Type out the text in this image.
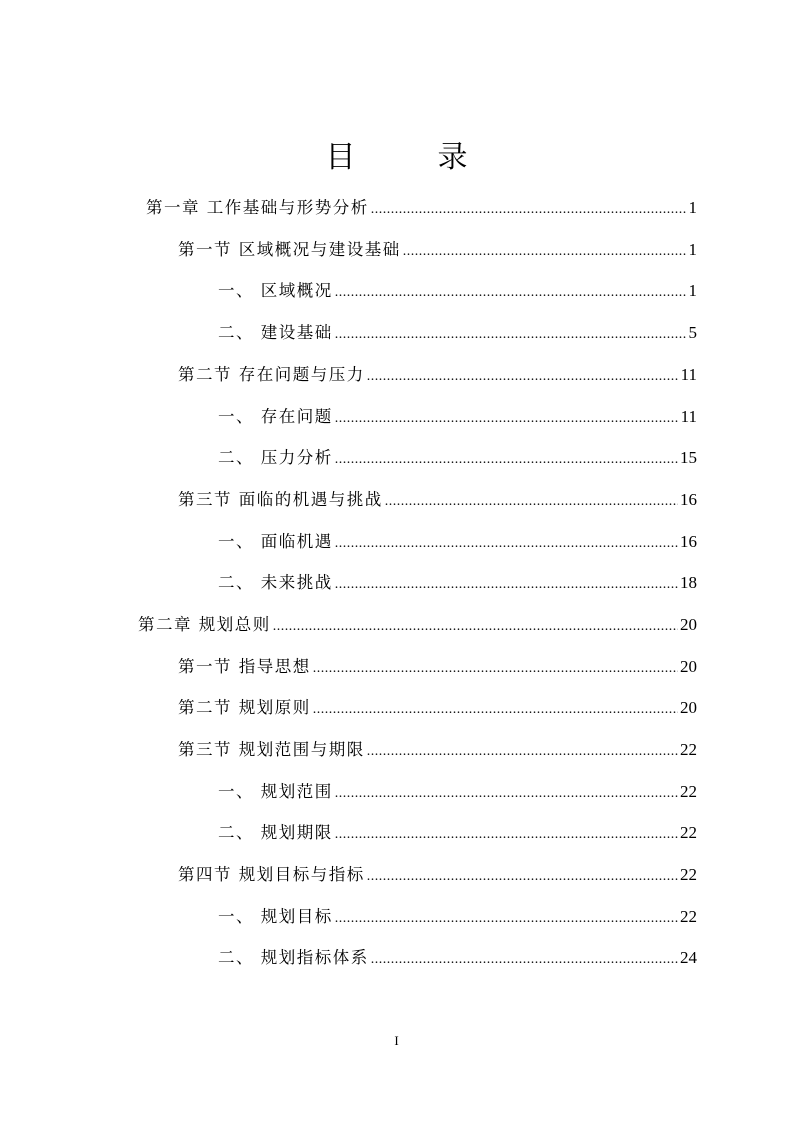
目　录
第一章 工作基础与形势分析 .....	1
第一节 区域概况与建设基础 .....	1
一、 区域概况 .....	1
二、 建设基础 .....	5
第二节 存在问题与压力 .....	11
一、 存在问题 .....	11
二、 压力分析 .....	15
第三节 面临的机遇与挑战 .....	16
一、 面临机遇 .....	16
二、 未来挑战 .....	18
第二章 规划总则 .....	20
第一节 指导思想 .....	20
第二节 规划原则 .....	20
第三节 规划范围与期限 .....	22
一、 规划范围 .....	22
二、 规划期限 .....	22
第四节 规划目标与指标 .....	22
一、 规划目标 .....	22
二、 规划指标体系 .....	24
I
